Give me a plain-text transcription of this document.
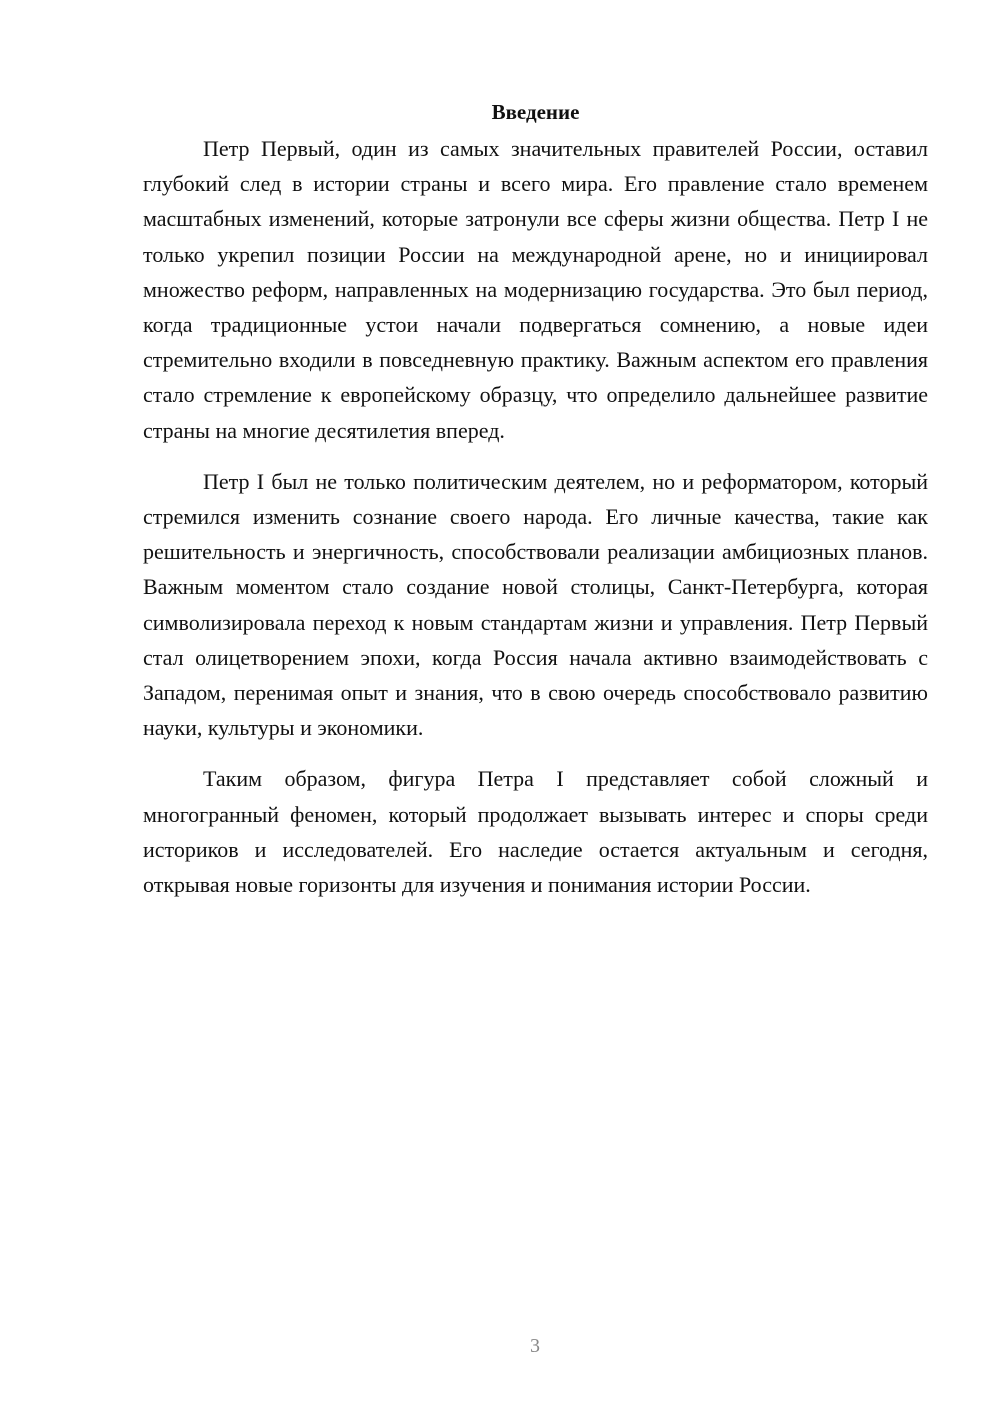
Введение

Петр Первый, один из самых значительных правителей России, оставил глубокий след в истории страны и всего мира. Его правление стало временем масштабных изменений, которые затронули все сферы жизни общества. Петр I не только укрепил позиции России на международной арене, но и инициировал множество реформ, направленных на модернизацию государства. Это был период, когда традиционные устои начали подвергаться сомнению, а новые идеи стремительно входили в повседневную практику. Важным аспектом его правления стало стремление к европейскому образцу, что определило дальнейшее развитие страны на многие десятилетия вперед.

Петр I был не только политическим деятелем, но и реформатором, который стремился изменить сознание своего народа. Его личные качества, такие как решительность и энергичность, способствовали реализации амбициозных планов. Важным моментом стало создание новой столицы, Санкт-Петербурга, которая символизировала переход к новым стандартам жизни и управления. Петр Первый стал олицетворением эпохи, когда Россия начала активно взаимодействовать с Западом, перенимая опыт и знания, что в свою очередь способствовало развитию науки, культуры и экономики.

Таким образом, фигура Петра I представляет собой сложный и многогранный феномен, который продолжает вызывать интерес и споры среди историков и исследователей. Его наследие остается актуальным и сегодня, открывая новые горизонты для изучения и понимания истории России.

3
